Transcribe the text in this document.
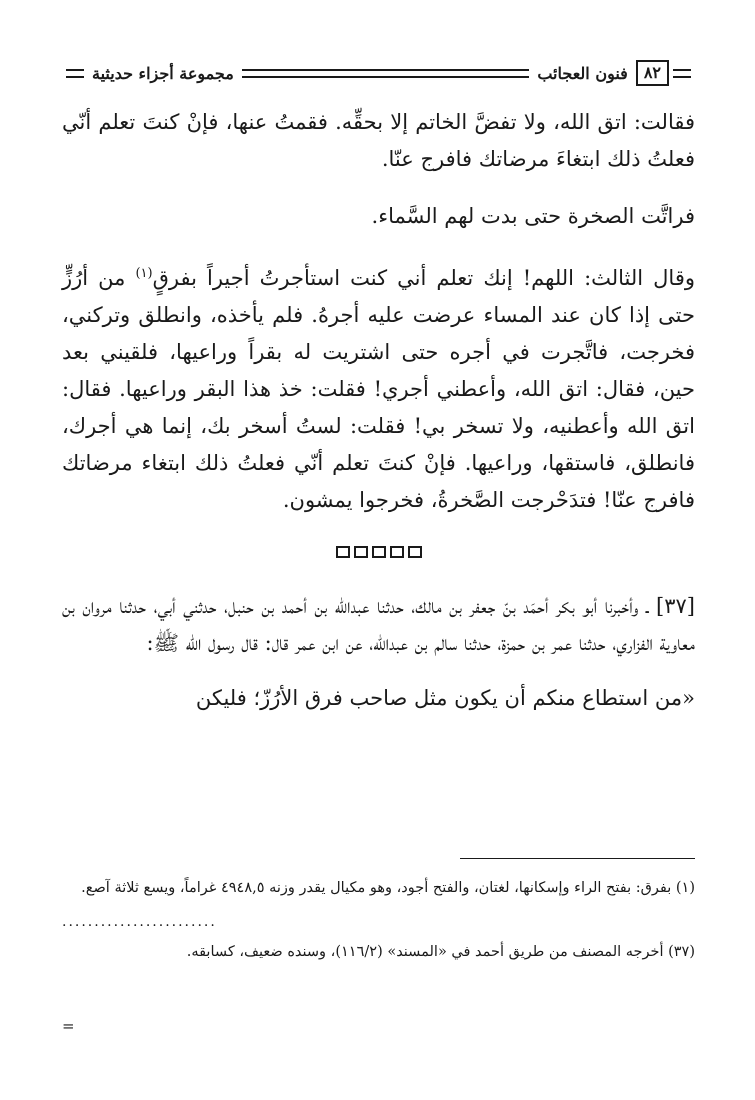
٨٢
فنون العجائب
مجموعة أجزاء حديثية

فقالت: اتق الله، ولا تفضَّ الخاتم إلا بحقِّه. فقمتُ عنها، فإنْ كنتَ تعلم أنّي فعلتُ ذلك ابتغاءَ مرضاتك فافرج عنّا.

فراتَّت الصخرة حتى بدت لهم السَّماء.

وقال الثالث: اللهم! إنك تعلم أني كنت استأجرتُ أجيراً بفرقٍ$^{(١)}$ من أرُزٍّ حتى إذا كان عند المساء عرضت عليه أجرهُ. فلم يأخذه، وانطلق وتركني، فخرجت، فاتَّجرت في أجره حتى اشتريت له بقراً وراعيها، فلقيني بعد حين، فقال: اتق الله، وأعطني أجري! فقلت: خذ هذا البقر وراعيها. فقال: اتق الله وأعطنيه، ولا تسخر بي! فقلت: لستُ أسخر بك، إنما هي أجرك، فانطلق، فاستقها، وراعيها. فإنْ كنتَ تعلم أنّي فعلتُ ذلك ابتغاء مرضاتك فافرج عنّا! فتدَحْرجت الصَّخرةُ، فخرجوا يمشون.

[٣٧] ـ وأخبرنا أبو بكر أحمَد بنّ جعفر بن مالك، حدثنا عبدالله بن أحمد بن حنبل، حدثني أبي، حدثنا مروان بن معاوية الفزاري، حدثنا عمر بن حمزة، حدثنا سالم بن عبدالله، عن ابن عمر قال: قال رسول الله ﷺ:

«من استطاع منكم أن يكون مثل صاحب فرق الأرُزّ؛ فليكن

(١) بفرق: بفتح الراء وإسكانها، لغتان، والفتح أجود، وهو مكيال يقدر وزنه ٤٩٤٨,٥ غراماً، ويسع ثلاثة آصع.

........................

(٣٧) أخرجه المصنف من طريق أحمد في «المسند» (١١٦/٢)، وسنده ضعيف، كسابقه.

=
